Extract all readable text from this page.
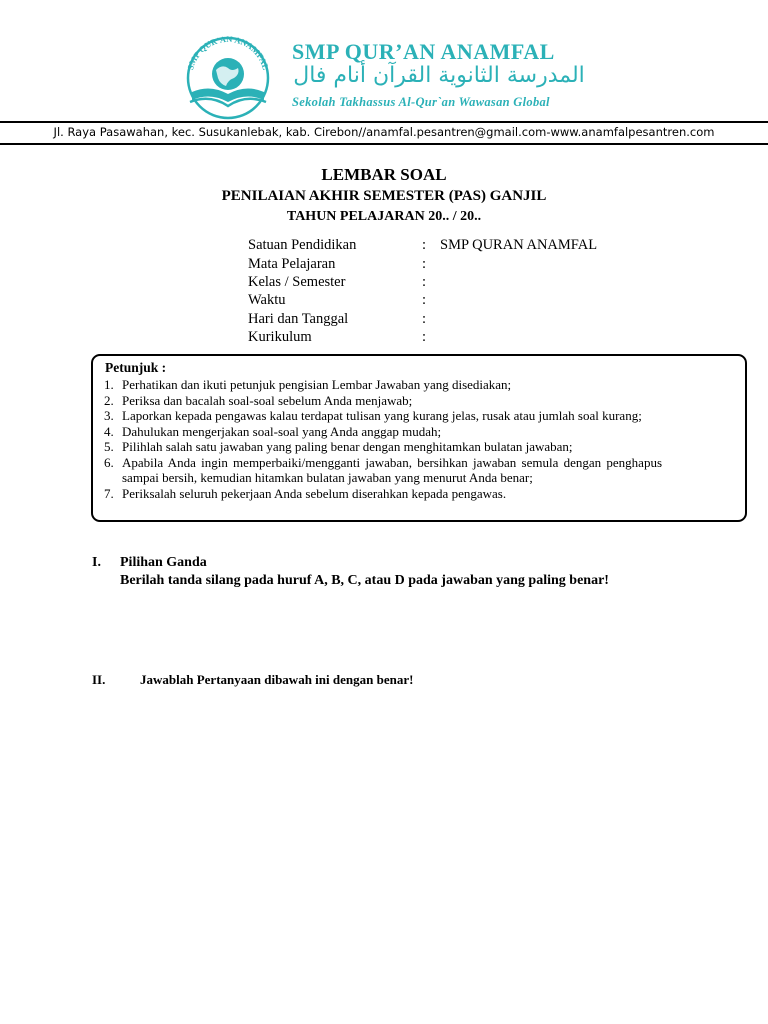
SMP QUR'AN ANAMFAL
SMP QUR’AN ANAMFAL
المدرسة الثانوية القرآن أنام فال
Sekolah Takhassus Al-Qur`an Wawasan Global
Jl. Raya Pasawahan, kec. Susukanlebak, kab. Cirebon//anamfal.pesantren@gmail.com-www.anamfalpesantren.com
LEMBAR SOAL
PENILAIAN AKHIR SEMESTER (PAS) GANJIL
TAHUN PELAJARAN 20.. / 20..
Satuan Pendidikan	: SMP QURAN ANAMFAL
Mata Pelajaran	:
Kelas / Semester	:
Waktu	:
Hari dan Tanggal	:
Kurikulum	:
Petunjuk :
1. Perhatikan dan ikuti petunjuk pengisian Lembar Jawaban yang disediakan;
2. Periksa dan bacalah soal-soal sebelum Anda menjawab;
3. Laporkan kepada pengawas kalau terdapat tulisan yang kurang jelas, rusak atau jumlah soal kurang;
4. Dahulukan mengerjakan soal-soal yang Anda anggap mudah;
5. Pilihlah salah satu jawaban yang paling benar dengan menghitamkan bulatan jawaban;
6. Apabila Anda ingin memperbaiki/mengganti jawaban, bersihkan jawaban semula dengan penghapus sampai bersih, kemudian hitamkan bulatan jawaban yang menurut Anda benar;
7. Periksalah seluruh pekerjaan Anda sebelum diserahkan kepada pengawas.
I. Pilihan Ganda
Berilah tanda silang pada huruf A, B, C, atau D pada jawaban yang paling benar!
II.	Jawablah Pertanyaan dibawah ini dengan benar!
